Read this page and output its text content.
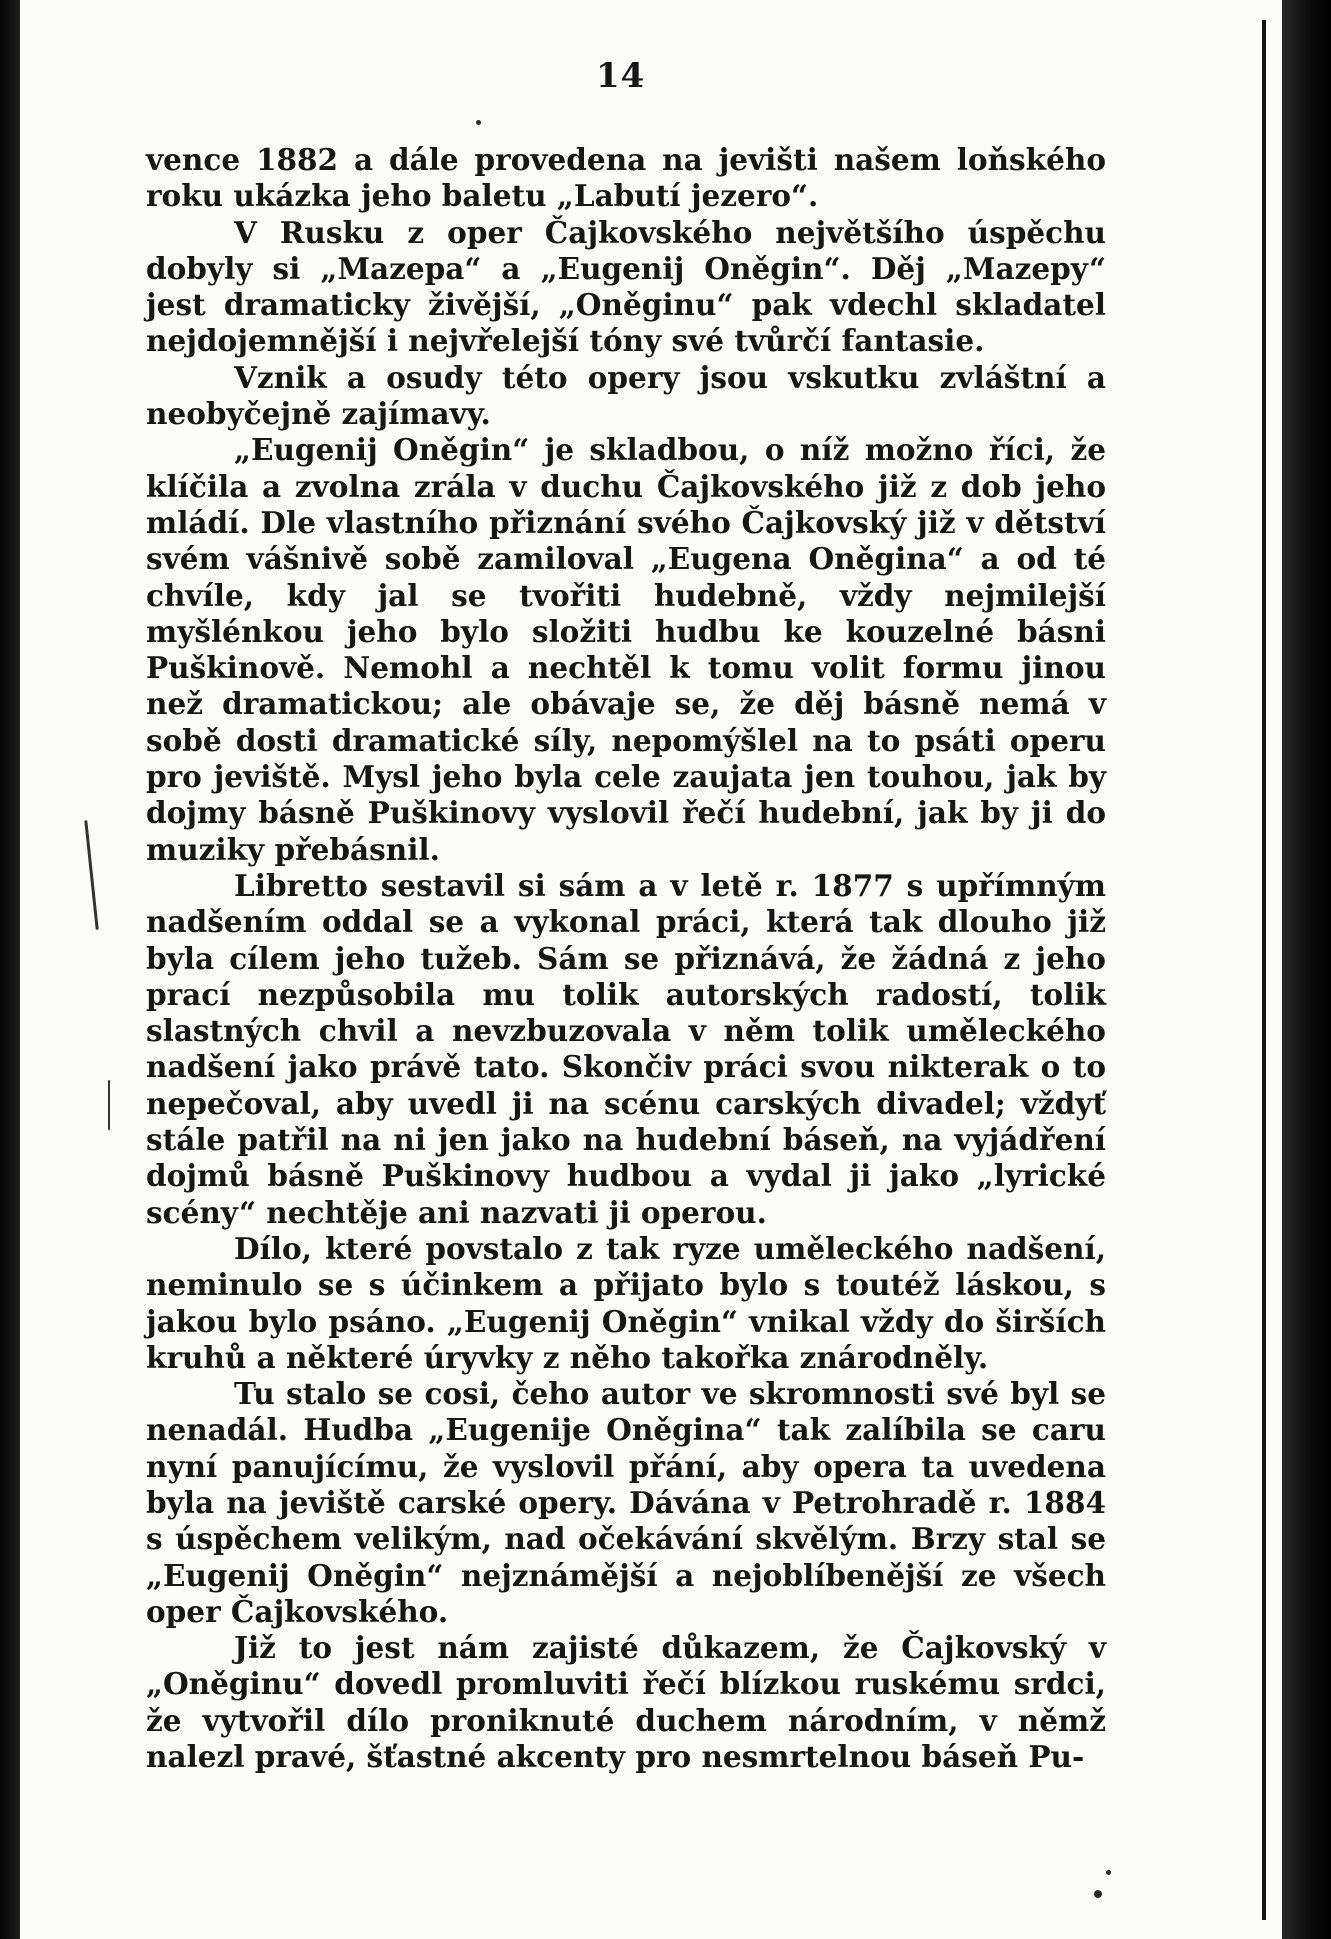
14

vence 1882 a dále provedena na jevišti našem loňského roku ukázka jeho baletu „Labutí jezero“.

V Rusku z oper Čajkovského největšího úspěchu dobyly si „Mazepa“ a „Eugenij Oněgin“. Děj „Mazepy“ jest dramaticky živější, „Oněginu“ pak vdechl skladatel nejdojemnější i nejvřelejší tóny své tvůrčí fantasie.

Vznik a osudy této opery jsou vskutku zvláštní a neobyčejně zajímavy.

„Eugenij Oněgin“ je skladbou, o níž možno říci, že klíčila a zvolna zrála v duchu Čajkovského již z dob jeho mládí. Dle vlastního přiznání svého Čajkovský již v dětství svém vášnivě sobě zamiloval „Eugena Oněgina“ a od té chvíle, kdy jal se tvořiti hudebně, vždy nejmilejší myšlénkou jeho bylo složiti hudbu ke kouzelné básni Puškinově. Nemohl a nechtěl k tomu volit formu jinou než dramatickou; ale obávaje se, že děj básně nemá v sobě dosti dramatické síly, nepomýšlel na to psáti operu pro jeviště. Mysl jeho byla cele zaujata jen touhou, jak by dojmy básně Puškinovy vyslovil řečí hudební, jak by ji do muziky přebásnil.

Libretto sestavil si sám a v letě r. 1877 s upřímným nadšením oddal se a vykonal práci, která tak dlouho již byla cílem jeho tužeb. Sám se přiznává, že žádná z jeho prací nezpůsobila mu tolik autorských radostí, tolik slastných chvil a nevzbuzovala v něm tolik uměleckého nadšení jako právě tato. Skončiv práci svou nikterak o to nepečoval, aby uvedl ji na scénu carských divadel; vždyť stále patřil na ni jen jako na hudební báseň, na vyjádření dojmů básně Puškinovy hudbou a vydal ji jako „lyrické scény“ nechtěje ani nazvati ji operou.

Dílo, které povstalo z tak ryze uměleckého nadšení, neminulo se s účinkem a přijato bylo s toutéž láskou, s jakou bylo psáno. „Eugenij Oněgin“ vnikal vždy do širších kruhů a některé úryvky z něho takořka znárodněly.

Tu stalo se cosi, čeho autor ve skromnosti své byl se nenadál. Hudba „Eugenije Oněgina“ tak zalíbila se caru nyní panujícímu, že vyslovil přání, aby opera ta uvedena byla na jeviště carské opery. Dávána v Petrohradě r. 1884 s úspěchem velikým, nad očekávání skvělým. Brzy stal se „Eugenij Oněgin“ nejznámější a nejoblíbenější ze všech oper Čajkovského.

Již to jest nám zajisté důkazem, že Čajkovský v „Oněginu“ dovedl promluviti řečí blízkou ruskému srdci, že vytvořil dílo proniknuté duchem národním, v němž nalezl pravé, šťastné akcenty pro nesmrtelnou báseň Pu-
